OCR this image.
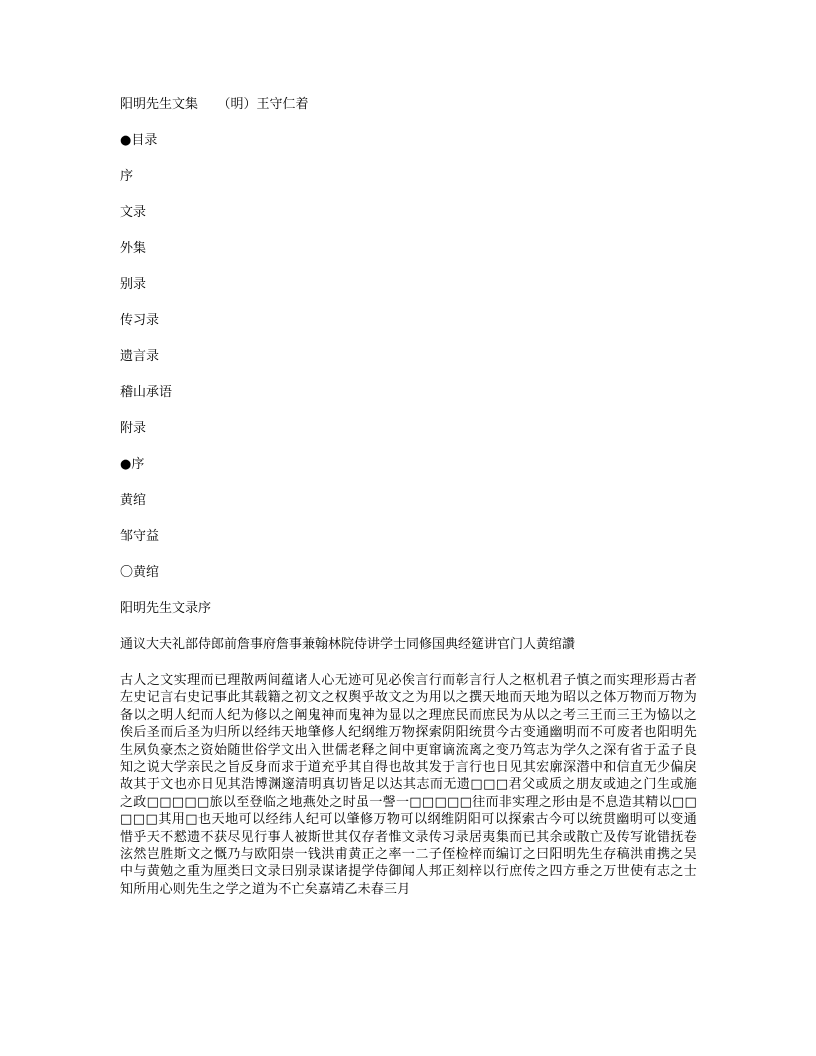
阳明先生文集　　 （明）王守仁着
●目录
序
文录
外集
别录
传习录
遗言录
稽山承语
附录
●序
黄绾
邹守益
〇黄绾
阳明先生文录序
通议大夫礼部侍郎前詹事府詹事兼翰林院侍讲学士同修国典经筵讲官门人黄绾讚

古人之文实理而已理散两间蕴诸人心无迹可见必俟言行而彰言行人之枢机君子慎之而实理形焉古者左史记言右史记事此其载籍之初文之权舆乎故文之为用以之撰天地而天地为昭以之体万物而万物为备以之明人纪而人纪为修以之阐鬼神而鬼神为显以之理庶民而庶民为从以之考三王而三王为恊以之俟后圣而后圣为归所以经纬天地肇修人纪纲维万物探索阴阳统贯今古变通幽明而不可废者也阳明先生夙负豪杰之资始随世俗学文出入世儒老释之间中更窜谪流离之变乃笃志为学久之深有省于孟子良知之说大学亲民之旨反身而求于道充乎其自得也故其发于言行也日见其宏廓深潜中和信直无少偏戾故其于文也亦日见其浩博渊邃清明真切皆足以达其志而无遗□□□君父或质之朋友或迪之门生或施之政□□□□□旅以至登临之地燕处之时虽一謦一□□□□□往而非实理之形由是不息造其精以□□□□□其用□也天地可以经纬人纪可以肇修万物可以纲维阴阳可以探索古今可以统贯幽明可以变通惜乎天不憖遗不获尽见行事人被斯世其仅存者惟文录传习录居夷集而已其余或散亡及传写讹错抚卷泫然岂胜斯文之慨乃与欧阳崇一钱洪甫黄正之率一二子侄检梓而编订之曰阳明先生存稿洪甫携之吴中与黄勉之重为厘类曰文录曰别录谋诸提学侍御闻人邦正刻梓以行庶传之四方垂之万世使有志之士知所用心则先生之学之道为不亡矣嘉靖乙未春三月
